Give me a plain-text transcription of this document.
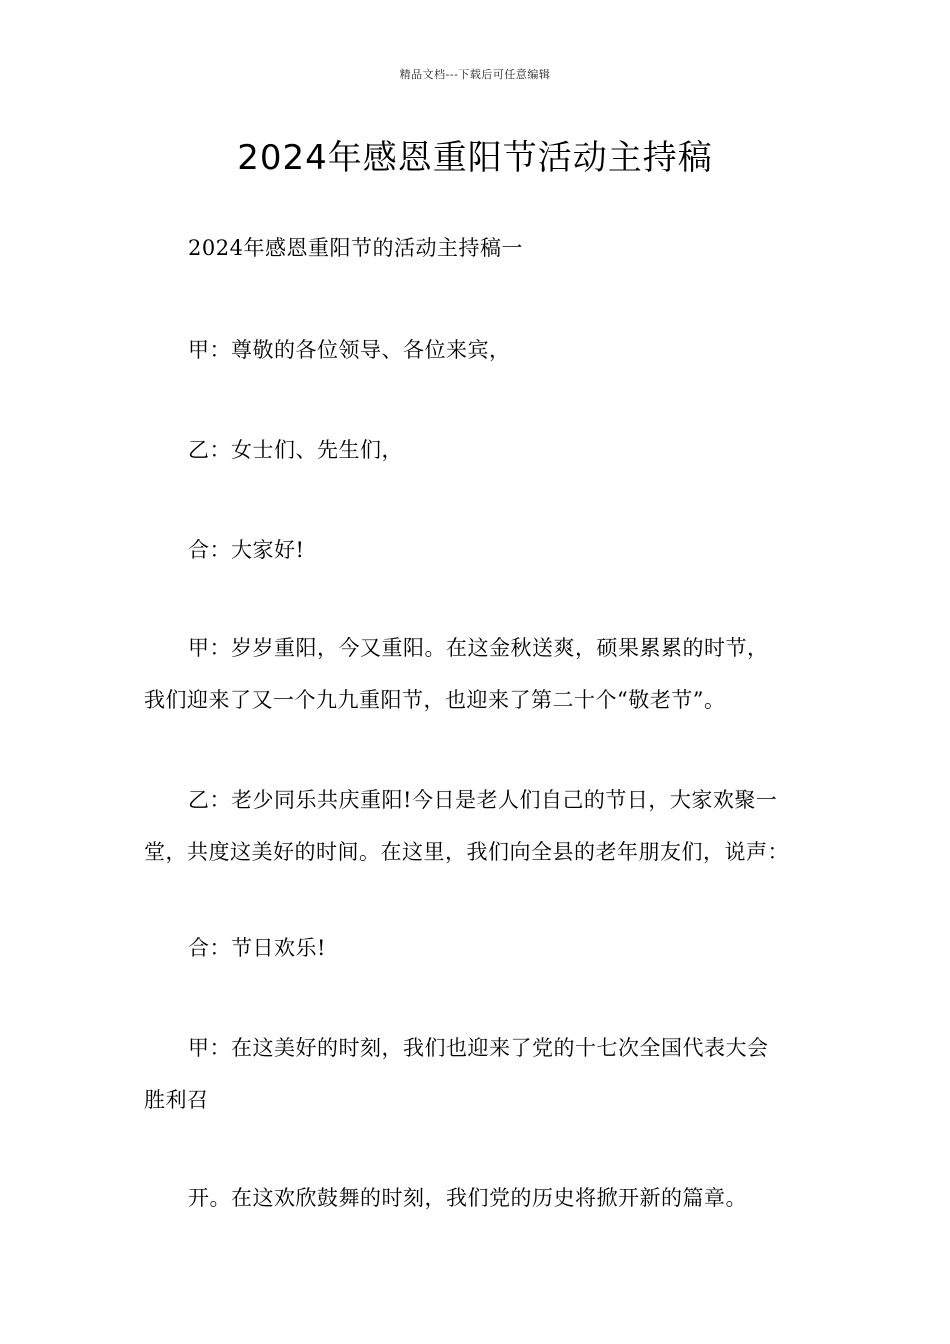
精品文档---下载后可任意编辑
2024年感恩重阳节活动主持稿

2024年感恩重阳节的活动主持稿一

甲：尊敬的各位领导、各位来宾，

乙：女士们、先生们，

合：大家好!

甲：岁岁重阳，今又重阳。在这金秋送爽，硕果累累的时节，
我们迎来了又一个九九重阳节，也迎来了第二十个“敬老节”。

乙：老少同乐共庆重阳!今日是老人们自己的节日，大家欢聚一
堂，共度这美好的时间。在这里，我们向全县的老年朋友们，说声：

合：节日欢乐!

甲：在这美好的时刻，我们也迎来了党的十七次全国代表大会
胜利召

开。在这欢欣鼓舞的时刻，我们党的历史将掀开新的篇章。
